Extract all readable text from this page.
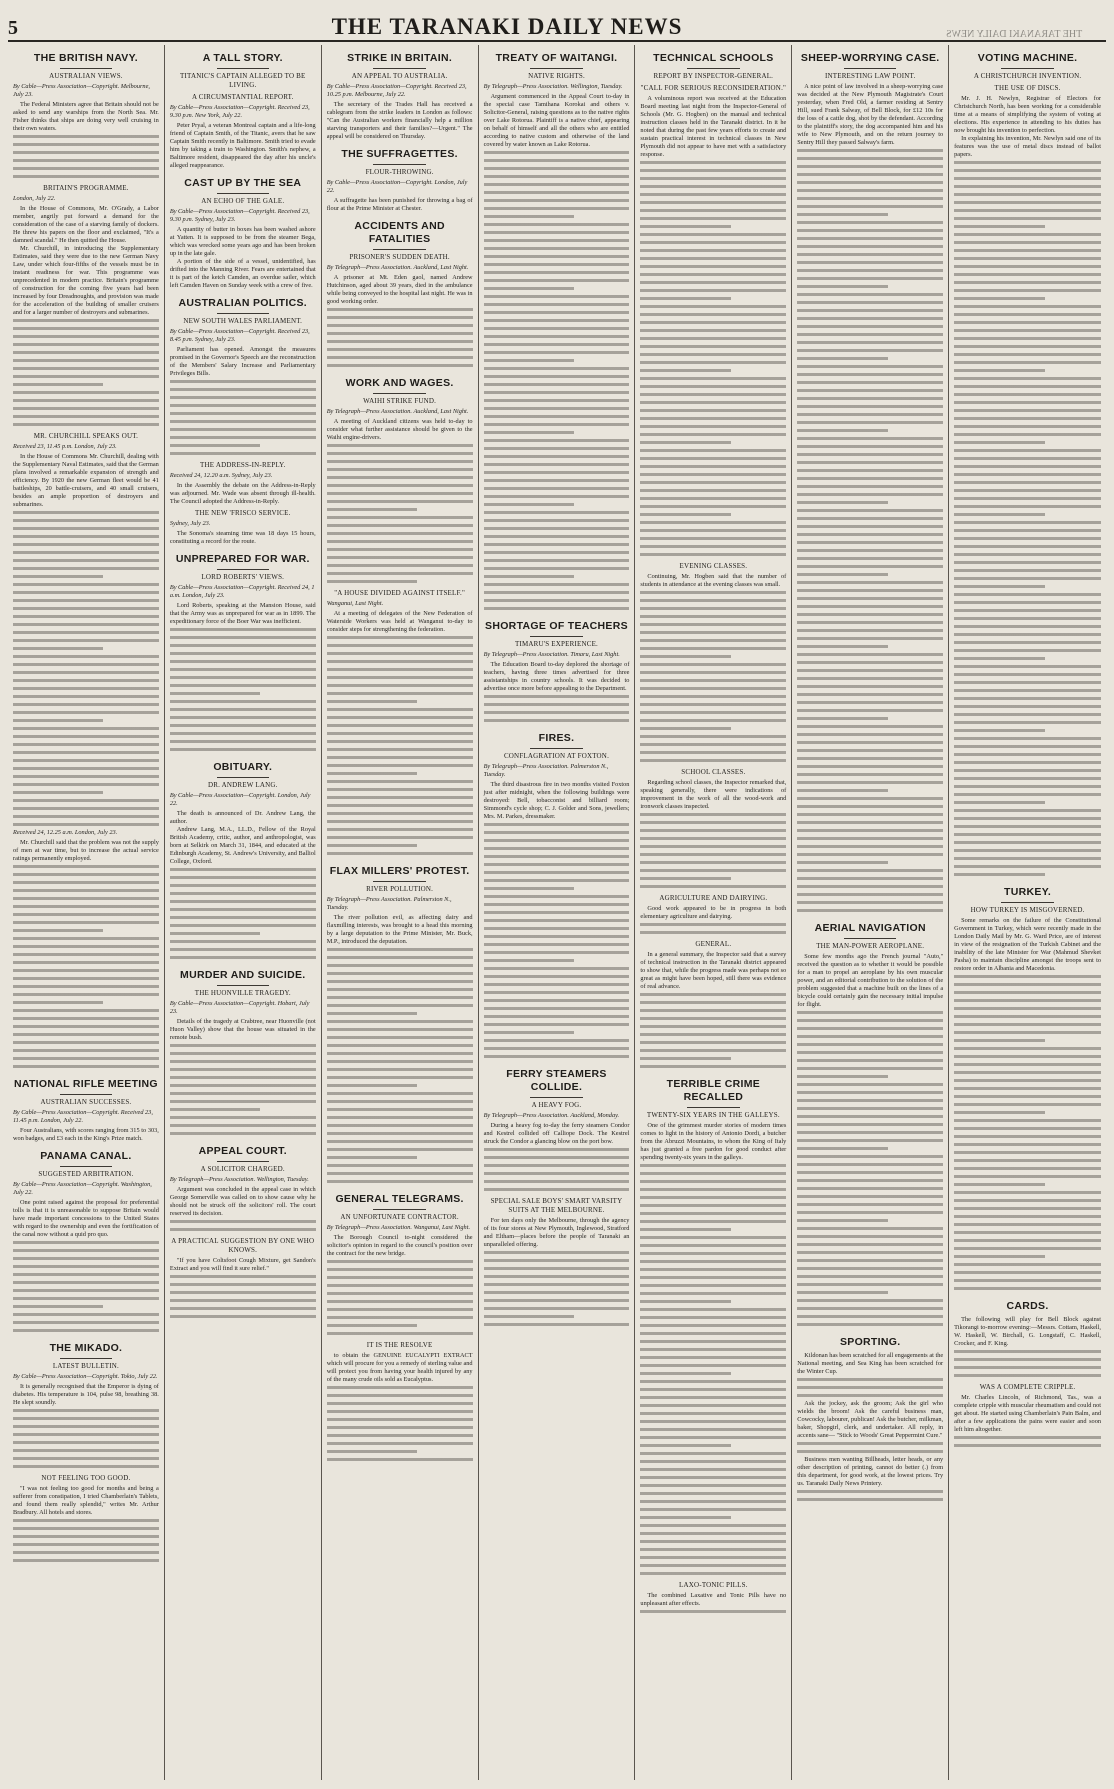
5	THE TARANAKI DAILY NEWS	THE TARANAKI DAILY NEWS
THE BRITISH NAVY.
AUSTRALIAN VIEWS.
By Cable—Press Association—Copyright. Melbourne, July 23.

The Federal Ministers agree that Britain should not be asked to send any warships from the North Sea. Mr. Fisher thinks that ships are doing very well cruising in their own waters.

BRITAIN'S PROGRAMME.
London, July 22.

In the House of Commons, Mr. O'Grady, a Labor member, angrily put forward a demand for the consideration of the case of a starving family of dockers. He threw his papers on the floor and exclaimed, "It's a damned scandal." He then quitted the House.

Mr. Churchill, in introducing the Supplementary Estimates, said they were due to the new German Navy Law, under which four-fifths of the vessels must be in instant readiness for war. This programme was unprecedented in modern practice. Britain's programme of construction for the coming five years had been increased by four Dreadnoughts, and provision was made for the acceleration of the building of smaller cruisers and for a larger number of destroyers and submarines.

MR. CHURCHILL SPEAKS OUT.
Received 23, 11.45 p.m. London, July 23.

In the House of Commons Mr. Churchill, dealing with the Supplementary Naval Estimates, said that the German plans involved a remarkable expansion of strength and efficiency. By 1920 the new German fleet would be 41 battleships, 20 battle-cruisers, and 40 small cruisers, besides an ample proportion of destroyers and submarines.

Received 24, 12.25 a.m. London, July 23.

Mr. Churchill said that the problem was not the supply of men at war time, but to increase the actual service ratings permanently employed.

NATIONAL RIFLE MEETING
AUSTRALIAN SUCCESSES.
By Cable—Press Association—Copyright. Received 23, 11.45 p.m. London, July 22.

Four Australians, with scores ranging from 315 to 303, won badges, and £3 each in the King's Prize match.

PANAMA CANAL.
SUGGESTED ARBITRATION.
By Cable—Press Association—Copyright. Washington, July 22.

One point raised against the proposal for preferential tolls is that it is unreasonable to suppose Britain would have made important concessions to the United States with regard to the ownership and even the fortification of the canal now without a quid pro quo.

THE MIKADO.
LATEST BULLETIN.
By Cable—Press Association—Copyright. Tokio, July 22.

It is generally recognised that the Emperor is dying of diabetes. His temperature is 104, pulse 98, breathing 38. He slept soundly.

NOT FEELING TOO GOOD.

"I was not feeling too good for months and being a sufferer from constipation, I tried Chamberlain's Tablets, and found them really splendid," writes Mr. Arthur Bradbury. All hotels and stores.

A TALL STORY.
TITANIC'S CAPTAIN ALLEGED TO BE LIVING.
A CIRCUMSTANTIAL REPORT.
By Cable—Press Association—Copyright. Received 23, 9.30 p.m. New York, July 22.

Peter Pryal, a veteran Montreal captain and a life-long friend of Captain Smith, of the Titanic, avers that he saw Captain Smith recently in Baltimore. Smith tried to evade him by taking a train to Washington. Smith's nephew, a Baltimore resident, disappeared the day after his uncle's alleged reappearance.

CAST UP BY THE SEA
AN ECHO OF THE GALE.
By Cable—Press Association—Copyright. Received 23, 9.30 p.m. Sydney, July 23.

A quantity of butter in boxes has been washed ashore at Yatten. It is supposed to be from the steamer Bega, which was wrecked some years ago and has been broken up in the late gale.

A portion of the side of a vessel, unidentified, has drifted into the Manning River. Fears are entertained that it is part of the ketch Camden, an overdue sailer, which left Camden Haven on Sunday week with a crew of five.

AUSTRALIAN POLITICS.
NEW SOUTH WALES PARLIAMENT.
By Cable—Press Association—Copyright. Received 23, 8.45 p.m. Sydney, July 23.

Parliament has opened. Amongst the measures promised in the Governor's Speech are the reconstruction of the Members' Salary Increase and Parliamentary Privileges Bills.

THE ADDRESS-IN-REPLY.
Received 24, 12.20 a.m. Sydney, July 23.

In the Assembly the debate on the Address-in-Reply was adjourned. Mr. Wade was absent through ill-health. The Council adopted the Address-in-Reply.

THE NEW 'FRISCO SERVICE.
Sydney, July 23.

The Sonoma's steaming time was 18 days 15 hours, constituting a record for the route.

UNPREPARED FOR WAR.
LORD ROBERTS' VIEWS.
By Cable—Press Association—Copyright. Received 24, 1 a.m. London, July 23.

Lord Roberts, speaking at the Mansion House, said that the Army was as unprepared for war as in 1899. The expeditionary force of the Boer War was inefficient.

OBITUARY.
DR. ANDREW LANG.
By Cable—Press Association—Copyright. London, July 22.

The death is announced of Dr. Andrew Lang, the author.

Andrew Lang, M.A., LL.D., Fellow of the Royal British Academy, critic, author, and anthropologist, was born at Selkirk on March 31, 1844, and educated at the Edinburgh Academy, St. Andrew's University, and Balliol College, Oxford.

MURDER AND SUICIDE.
THE HUONVILLE TRAGEDY.
By Cable—Press Association—Copyright. Hobart, July 23.

Details of the tragedy at Crabtree, near Huonville (not Huon Valley) show that the house was situated in the remote bush.

APPEAL COURT.
A SOLICITOR CHARGED.
By Telegraph—Press Association. Wellington, Tuesday.

Argument was concluded in the appeal case in which George Somerville was called on to show cause why he should not be struck off the solicitors' roll. The court reserved its decision.

A PRACTICAL SUGGESTION BY ONE WHO KNOWS.

"If you have Coltsfoot Cough Mixture, get Sandon's Extract and you will find it sure relief."

STRIKE IN BRITAIN.
AN APPEAL TO AUSTRALIA.
By Cable—Press Association—Copyright. Received 23, 10.25 p.m. Melbourne, July 22.

The secretary of the Trades Hall has received a cablegram from the strike leaders in London as follows: "Can the Australian workers financially help a million starving transporters and their families?—Urgent." The appeal will be considered on Thursday.

THE SUFFRAGETTES.
FLOUR-THROWING.
By Cable—Press Association—Copyright. London, July 22.

A suffragette has been punished for throwing a bag of flour at the Prime Minister at Chester.

ACCIDENTS AND FATALITIES
PRISONER'S SUDDEN DEATH.
By Telegraph—Press Association. Auckland, Last Night.

A prisoner at Mt. Eden gaol, named Andrew Hutchinson, aged about 39 years, died in the ambulance while being conveyed to the hospital last night. He was in good working order.

WORK AND WAGES.
WAIHI STRIKE FUND.
By Telegraph—Press Association. Auckland, Last Night.

A meeting of Auckland citizens was held to-day to consider what further assistance should be given to the Waihi engine-drivers.

"A HOUSE DIVIDED AGAINST ITSELF."
Wanganui, Last Night.

At a meeting of delegates of the New Federation of Waterside Workers was held at Wanganui to-day to consider steps for strengthening the federation.

FLAX MILLERS' PROTEST.
RIVER POLLUTION.
By Telegraph—Press Association. Palmerston N., Tuesday.

The river pollution evil, as affecting dairy and flaxmilling interests, was brought to a head this morning by a large deputation to the Prime Minister, Mr. Buck, M.P., introduced the deputation.

GENERAL TELEGRAMS.
AN UNFORTUNATE CONTRACTOR.
By Telegraph—Press Association. Wanganui, Last Night.

The Borough Council to-night considered the solicitor's opinion in regard to the council's position over the contract for the new bridge.

IT IS THE RESOLVE

to obtain the GENUINE EUCALYPTI EXTRACT which will procure for you a remedy of sterling value and will protect you from having your health injured by any of the many crude oils sold as Eucalyptus.

TREATY OF WAITANGI.
NATIVE RIGHTS.
By Telegraph—Press Association. Wellington, Tuesday.

Argument commenced in the Appeal Court to-day in the special case Tamihana Korokai and others v. Solicitor-General, raising questions as to the native rights over Lake Rotorua. Plaintiff is a native chief, appearing on behalf of himself and all the others who are entitled according to native custom and otherwise of the land covered by water known as Lake Rotorua.

SHORTAGE OF TEACHERS
TIMARU'S EXPERIENCE.
By Telegraph—Press Association. Timaru, Last Night.

The Education Board to-day deplored the shortage of teachers, having three times advertised for three assistantships in country schools. It was decided to advertise once more before appealing to the Department.

FIRES.
CONFLAGRATION AT FOXTON.
By Telegraph—Press Association. Palmerston N., Tuesday.

The third disastrous fire in two months visited Foxton just after midnight, when the following buildings were destroyed: Bell, tobacconist and billiard room; Simmond's cycle shop; C. J. Golder and Sons, jewellers; Mrs. M. Parkes, dressmaker.

FERRY STEAMERS COLLIDE.
A HEAVY FOG.
By Telegraph—Press Association. Auckland, Monday.

During a heavy fog to-day the ferry steamers Condor and Kestrel collided off Calliope Dock. The Kestrel struck the Condor a glancing blow on the port bow.

SPECIAL SALE BOYS' SMART VARSITY SUITS AT THE MELBOURNE.

For ten days only the Melbourne, through the agency of its four stores at New Plymouth, Inglewood, Stratford and Eltham—places before the people of Taranaki an unparalleled offering.

TECHNICAL SCHOOLS
REPORT BY INSPECTOR-GENERAL.
"CALL FOR SERIOUS RECONSIDERATION."

A voluminous report was received at the Education Board meeting last night from the Inspector-General of Schools (Mr. G. Hogben) on the manual and technical instruction classes held in the Taranaki district. In it he noted that during the past few years efforts to create and sustain practical interest in technical classes in New Plymouth did not appear to have met with a satisfactory response.

EVENING CLASSES.

Continuing, Mr. Hogben said that the number of students in attendance at the evening classes was small.

SCHOOL CLASSES.

Regarding school classes, the Inspector remarked that, speaking generally, there were indications of improvement in the work of all the wood-work and ironwork classes inspected.

AGRICULTURE AND DAIRYING.

Good work appeared to be in progress in both elementary agriculture and dairying.

GENERAL.

In a general summary, the Inspector said that a survey of technical instruction in the Taranaki district appeared to show that, while the progress made was perhaps not so great as might have been hoped, still there was evidence of real advance.

TERRIBLE CRIME RECALLED
TWENTY-SIX YEARS IN THE GALLEYS.

One of the grimmest murder stories of modern times comes to light in the history of Antonio Dordi, a butcher from the Abruzzi Mountains, to whom the King of Italy has just granted a free pardon for good conduct after spending twenty-six years in the galleys.

LAXO-TONIC PILLS.

The combined Laxative and Tonic Pills have no unpleasant after effects.

SHEEP-WORRYING CASE.
INTERESTING LAW POINT.

A nice point of law involved in a sheep-worrying case was decided at the New Plymouth Magistrate's Court yesterday, when Fred Old, a farmer residing at Sentry Hill, sued Frank Salway, of Bell Block, for £12 10s for the loss of a cattle dog, shot by the defendant. According to the plaintiff's story, the dog accompanied him and his wife to New Plymouth, and on the return journey to Sentry Hill they passed Salway's farm.

AERIAL NAVIGATION
THE MAN-POWER AEROPLANE.

Some few months ago the French journal "Auto," received the question as to whether it would be possible for a man to propel an aeroplane by his own muscular power, and an editorial contribution to the solution of the problem suggested that a machine built on the lines of a bicycle could certainly gain the necessary initial impulse for flight.

SPORTING.

Kildonan has been scratched for all engagements at the National meeting, and Sea King has been scratched for the Winter Cup.

Ask the jockey, ask the groom; Ask the girl who wields the broom! Ask the careful business man, Cowcocky, labourer, publican! Ask the butcher, milkman, baker, Shopgirl, clerk, and undertaker. All reply, in accents sane— "Stick to Woods' Great Peppermint Cure."

Business men wanting Billheads, letter heads, or any other description of printing, cannot do better (.) from this department, for good work, at the lowest prices. Try us. Taranaki Daily News Printery.

VOTING MACHINE.
A CHRISTCHURCH INVENTION.
THE USE OF DISCS.

Mr. J. H. Newlyn, Registrar of Electors for Christchurch North, has been working for a considerable time at a means of simplifying the system of voting at elections. His experience in attending to his duties has now brought his invention to perfection.

In explaining his invention, Mr. Newlyn said one of its features was the use of metal discs instead of ballot papers.

TURKEY.
HOW TURKEY IS MISGOVERNED.

Some remarks on the failure of the Constitutional Government in Turkey, which were recently made in the London Daily Mail by Mr. G. Ward Price, are of interest in view of the resignation of the Turkish Cabinet and the inability of the late Minister for War (Mahmud Shevket Pasha) to maintain discipline amongst the troops sent to restore order in Albania and Macedonia.

CARDS.

The following will play for Bell Block against Tikorangi to-morrow evening:—Messrs. Cottam, Haskell, W. Haskell, W. Birchall, G. Longstaff, C. Haskell, Crocker, and F. King.

WAS A COMPLETE CRIPPLE.

Mr. Charles Lincoln, of Richmond, Tas., was a complete cripple with muscular rheumatism and could not get about. He started using Chamberlain's Pain Balm, and after a few applications the pains were easier and soon left him altogether.
